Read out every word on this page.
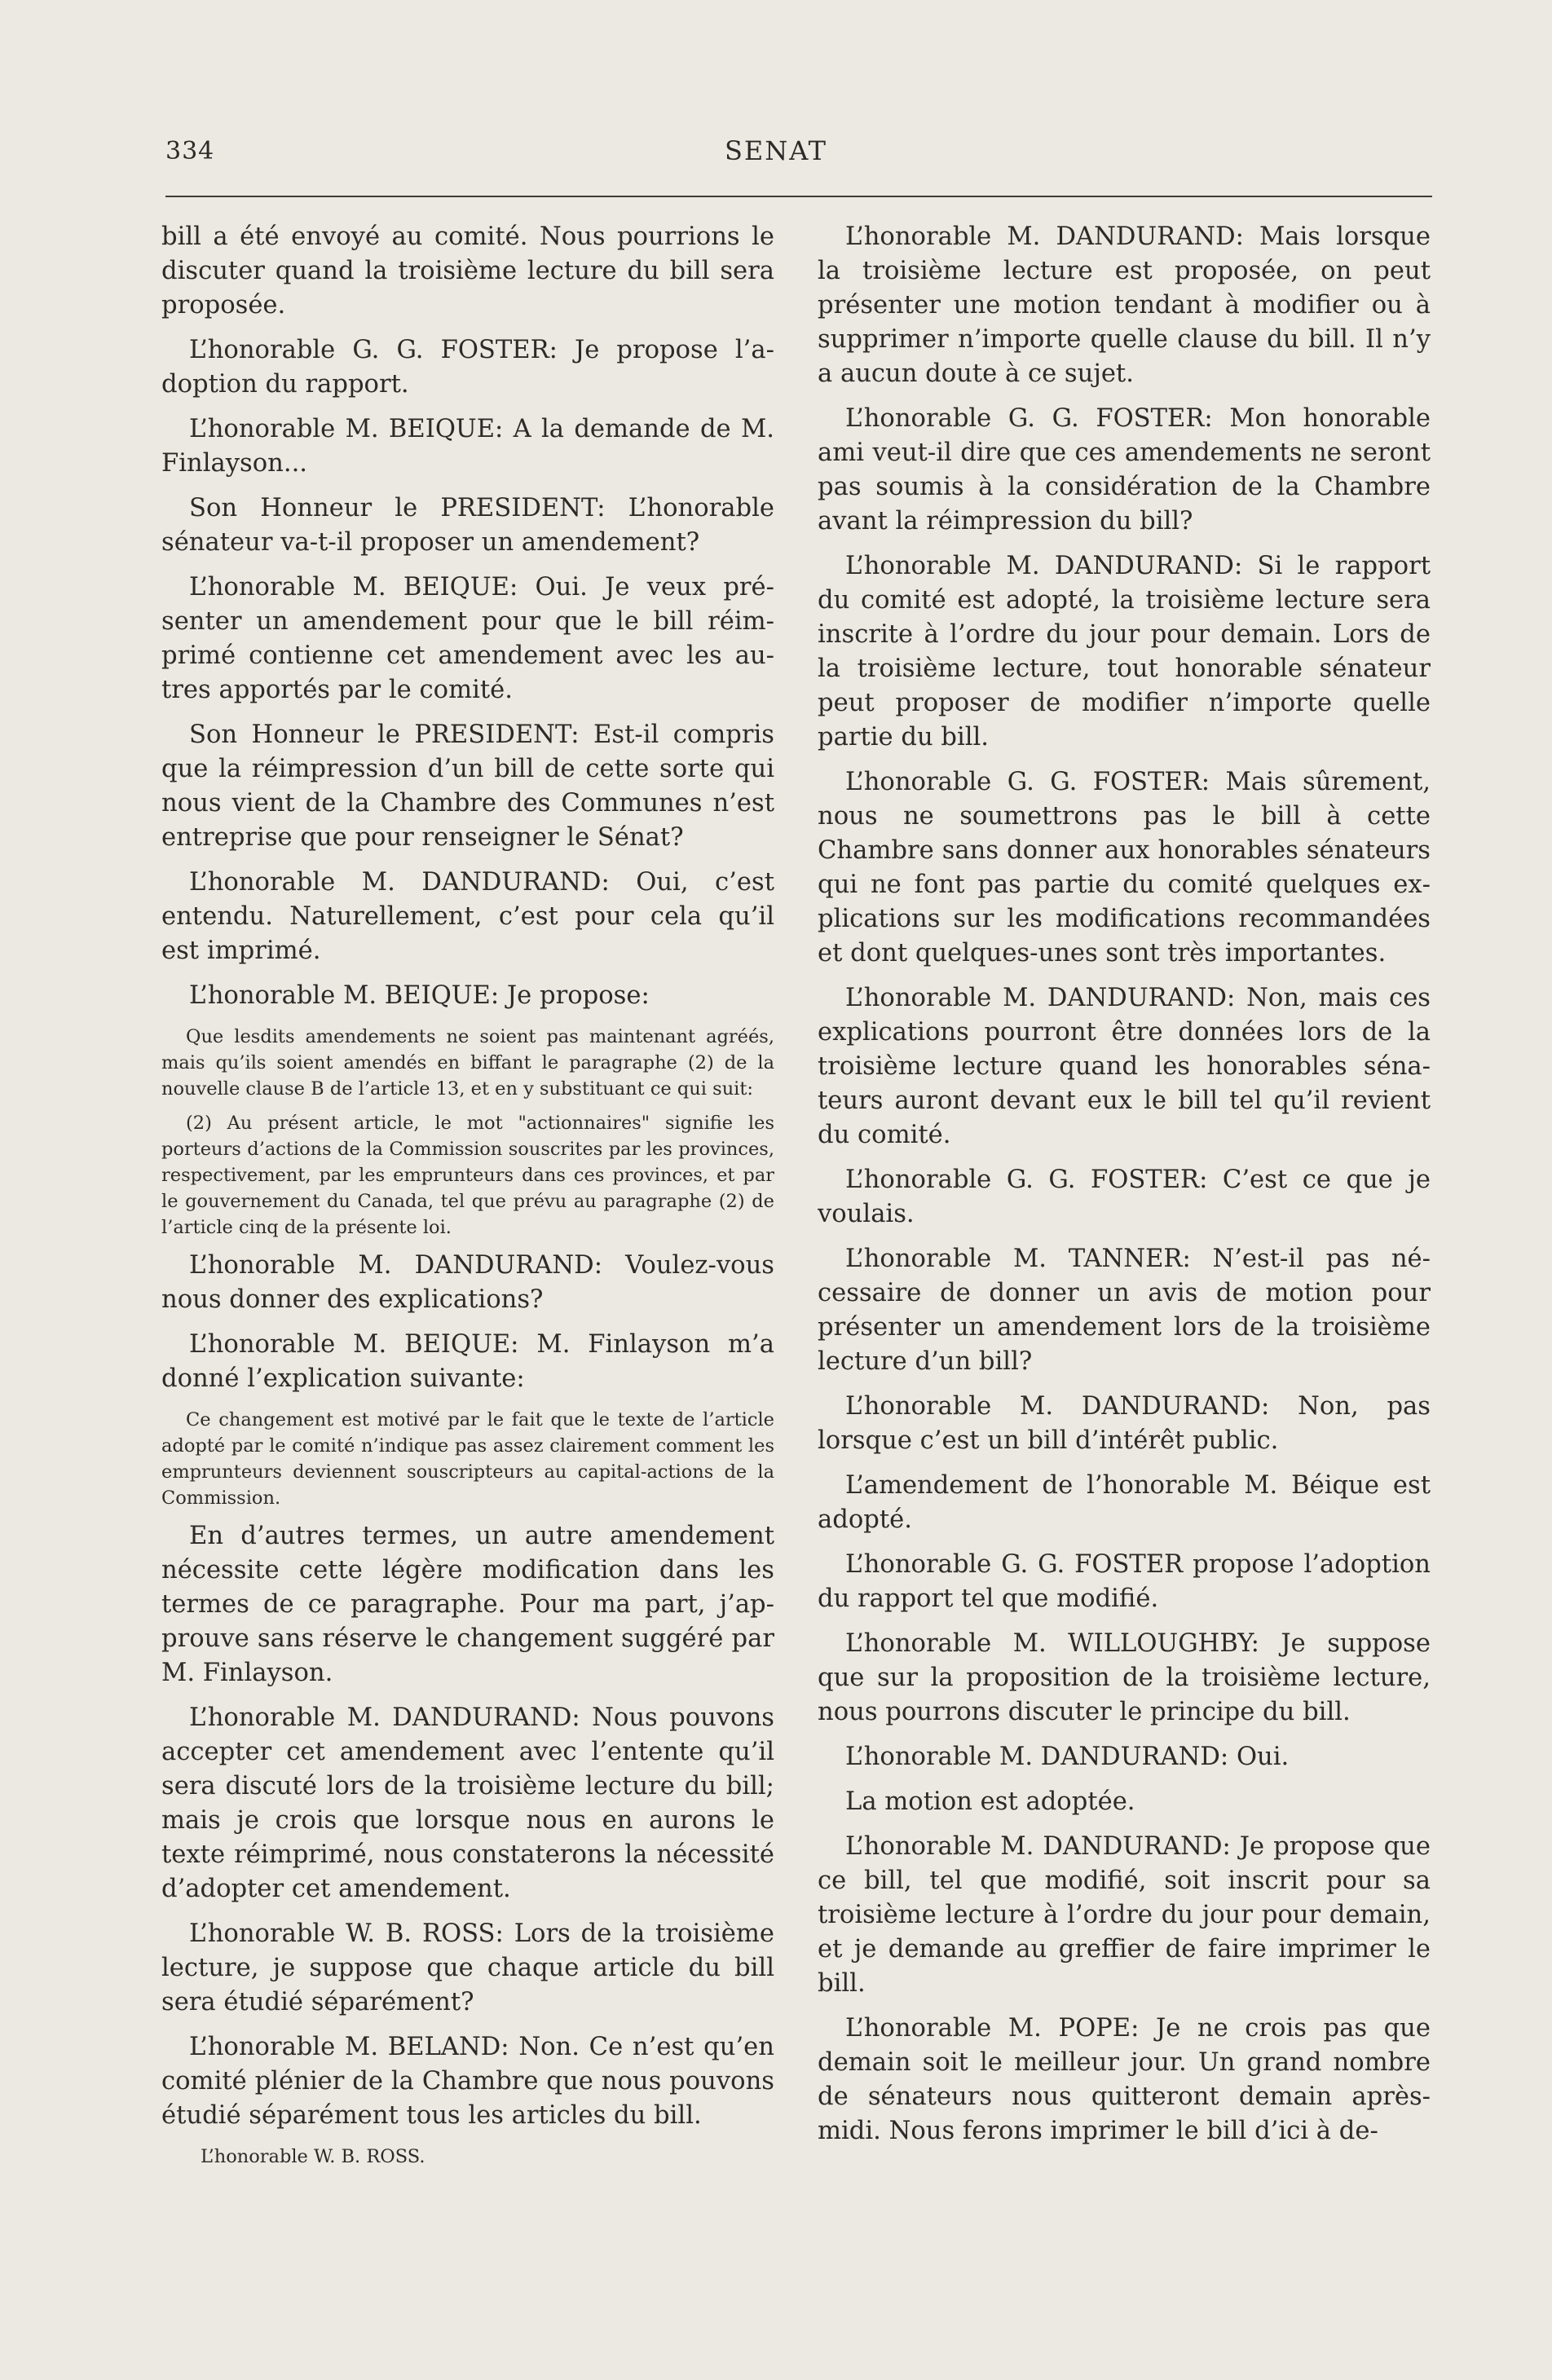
334	SENAT

bill a été envoyé au comité. Nous pourrions le discuter quand la troisième lecture du bill sera proposée.

L’honorable G. G. FOSTER: Je propose l’adoption du rapport.

L’honorable M. BEIQUE: A la demande de M. Finlayson...

Son Honneur le PRESIDENT: L’honorable sénateur va-t-il proposer un amendement?

L’honorable M. BEIQUE: Oui. Je veux présenter un amendement pour que le bill réimprimé contienne cet amendement avec les autres apportés par le comité.

Son Honneur le PRESIDENT: Est-il compris que la réimpression d’un bill de cette sorte qui nous vient de la Chambre des Communes n’est entreprise que pour renseigner le Sénat?

L’honorable M. DANDURAND: Oui, c’est entendu. Naturellement, c’est pour cela qu’il est imprimé.

L’honorable M. BEIQUE: Je propose:

Que lesdits amendements ne soient pas maintenant agréés, mais qu’ils soient amendés en biffant le paragraphe (2) de la nouvelle clause B de l’article 13, et en y substituant ce qui suit:

(2) Au présent article, le mot "actionnaires" signifie les porteurs d’actions de la Commission souscrites par les provinces, respectivement, par les emprunteurs dans ces provinces, et par le gouvernement du Canada, tel que prévu au paragraphe (2) de l’article cinq de la présente loi.

L’honorable M. DANDURAND: Voulez-vous nous donner des explications?

L’honorable M. BEIQUE: M. Finlayson m’a donné l’explication suivante:

Ce changement est motivé par le fait que le texte de l’article adopté par le comité n’indique pas assez clairement comment les emprunteurs deviennent souscripteurs au capital-actions de la Commission.

En d’autres termes, un autre amendement nécessite cette légère modification dans les termes de ce paragraphe. Pour ma part, j’approuve sans réserve le changement suggéré par M. Finlayson.

L’honorable M. DANDURAND: Nous pouvons accepter cet amendement avec l’entente qu’il sera discuté lors de la troisième lecture du bill; mais je crois que lorsque nous en aurons le texte réimprimé, nous constaterons la nécessité d’adopter cet amendement.

L’honorable W. B. ROSS: Lors de la troisième lecture, je suppose que chaque article du bill sera étudié séparément?

L’honorable M. BELAND: Non. Ce n’est qu’en comité plénier de la Chambre que nous pouvons étudié séparément tous les articles du bill.

L’honorable W. B. ROSS.

L’honorable M. DANDURAND: Mais lorsque la troisième lecture est proposée, on peut présenter une motion tendant à modifier ou à supprimer n’importe quelle clause du bill. Il n’y a aucun doute à ce sujet.

L’honorable G. G. FOSTER: Mon honorable ami veut-il dire que ces amendements ne seront pas soumis à la considération de la Chambre avant la réimpression du bill?

L’honorable M. DANDURAND: Si le rapport du comité est adopté, la troisième lecture sera inscrite à l’ordre du jour pour demain. Lors de la troisième lecture, tout honorable sénateur peut proposer de modifier n’importe quelle partie du bill.

L’honorable G. G. FOSTER: Mais sûrement, nous ne soumettrons pas le bill à cette Chambre sans donner aux honorables sénateurs qui ne font pas partie du comité quelques explications sur les modifications recommandées et dont quelques-unes sont très importantes.

L’honorable M. DANDURAND: Non, mais ces explications pourront être données lors de la troisième lecture quand les honorables sénateurs auront devant eux le bill tel qu’il revient du comité.

L’honorable G. G. FOSTER: C’est ce que je voulais.

L’honorable M. TANNER: N’est-il pas nécessaire de donner un avis de motion pour présenter un amendement lors de la troisième lecture d’un bill?

L’honorable M. DANDURAND: Non, pas lorsque c’est un bill d’intérêt public.

L’amendement de l’honorable M. Béique est adopté.

L’honorable G. G. FOSTER propose l’adoption du rapport tel que modifié.

L’honorable M. WILLOUGHBY: Je suppose que sur la proposition de la troisième lecture, nous pourrons discuter le principe du bill.

L’honorable M. DANDURAND: Oui.

La motion est adoptée.

L’honorable M. DANDURAND: Je propose que ce bill, tel que modifié, soit inscrit pour sa troisième lecture à l’ordre du jour pour demain, et je demande au greffier de faire imprimer le bill.

L’honorable M. POPE: Je ne crois pas que demain soit le meilleur jour. Un grand nombre de sénateurs nous quitteront demain après-midi. Nous ferons imprimer le bill d’ici à de-
